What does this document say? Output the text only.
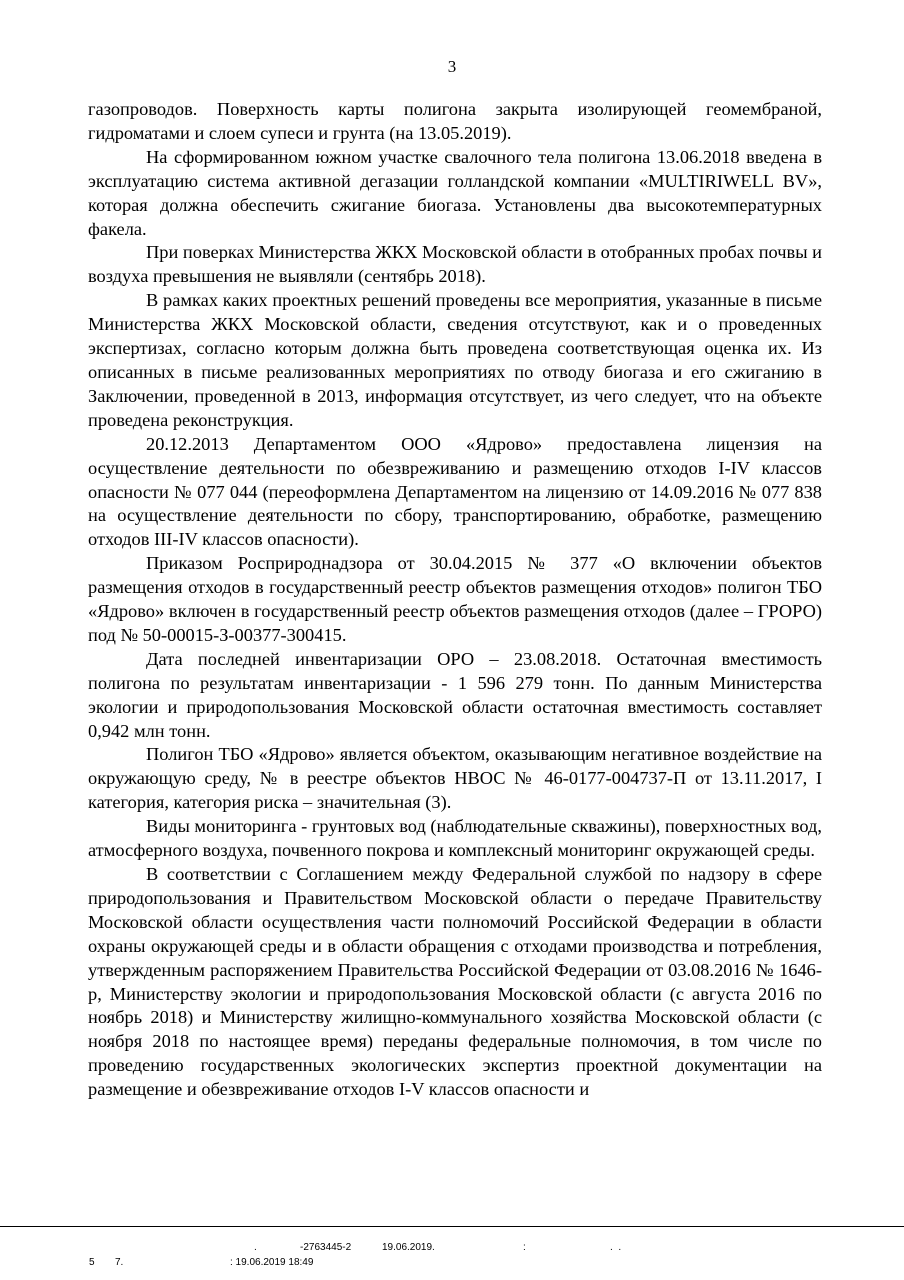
3

газопроводов. Поверхность карты полигона закрыта изолирующей геомембраной, гидроматами и слоем супеси и грунта (на 13.05.2019).

На сформированном южном участке свалочного тела полигона 13.06.2018 введена в эксплуатацию система активной дегазации голландской компании «MULTIRIWELL BV», которая должна обеспечить сжигание биогаза. Установлены два высокотемпературных факела.

При поверках Министерства ЖКХ Московской области в отобранных пробах почвы и воздуха превышения не выявляли (сентябрь 2018).

В рамках каких проектных решений проведены все мероприятия, указанные в письме Министерства ЖКХ Московской области, сведения отсутствуют, как и о проведенных экспертизах, согласно которым должна быть проведена соответствующая оценка их. Из описанных в письме реализованных мероприятиях по отводу биогаза и его сжиганию в Заключении, проведенной в 2013, информация отсутствует, из чего следует, что на объекте проведена реконструкция.

20.12.2013 Департаментом ООО «Ядрово» предоставлена лицензия на осуществление деятельности по обезвреживанию и размещению отходов I-IV классов опасности № 077 044 (переоформлена Департаментом на лицензию от 14.09.2016 № 077 838 на осуществление деятельности по сбору, транспортированию, обработке, размещению отходов III-IV классов опасности).

Приказом Росприроднадзора от 30.04.2015 № 377 «О включении объектов размещения отходов в государственный реестр объектов размещения отходов» полигон ТБО «Ядрово» включен в государственный реестр объектов размещения отходов (далее – ГРОРО) под № 50-00015-З-00377-300415.

Дата последней инвентаризации ОРО – 23.08.2018. Остаточная вместимость полигона по результатам инвентаризации - 1 596 279 тонн. По данным Министерства экологии и природопользования Московской области остаточная вместимость составляет 0,942 млн тонн.

Полигон ТБО «Ядрово» является объектом, оказывающим негативное воздействие на окружающую среду, № в реестре объектов НВОС № 46-0177-004737-П от 13.11.2017, I категория, категория риска – значительная (3).

Виды мониторинга - грунтовых вод (наблюдательные скважины), поверхностных вод, атмосферного воздуха, почвенного покрова и комплексный мониторинг окружающей среды.

В соответствии с Соглашением между Федеральной службой по надзору в сфере природопользования и Правительством Московской области о передаче Правительству Московской области осуществления части полномочий Российской Федерации в области охраны окружающей среды и в области обращения с отходами производства и потребления, утвержденным распоряжением Правительства Российской Федерации от 03.08.2016 № 1646-р, Министерству экологии и природопользования Московской области (с августа 2016 по ноябрь 2018) и Министерству жилищно-коммунального хозяйства Московской области (с ноября 2018 по настоящее время) переданы федеральные полномочия, в том числе по проведению государственных экологических экспертиз проектной документации на размещение и обезвреживание отходов I-V классов опасности и

.	-2763445-2	19.06.2019.	:	.  .
5 7.	: 19.06.2019 18:49
